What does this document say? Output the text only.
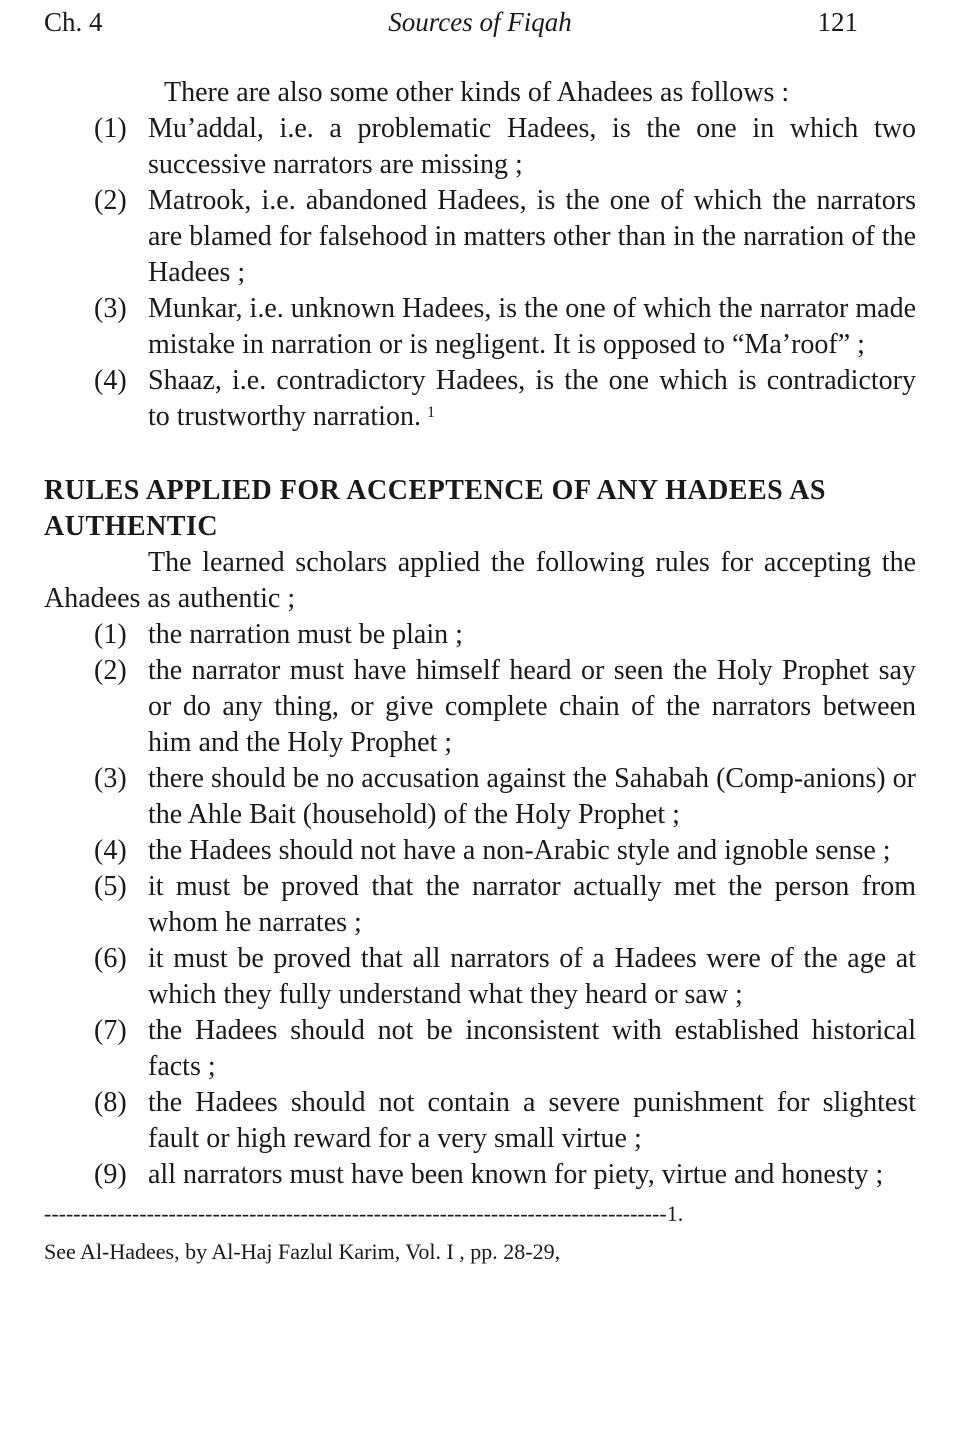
Ch. 4	Sources of Fiqah	121

There are also some other kinds of Ahadees as follows :

(1) Mu’addal, i.e. a problematic Hadees, is the one in which two successive narrators are missing ;
(2) Matrook, i.e. abandoned Hadees, is the one of which the narrators are blamed for falsehood in matters other than in the narration of the Hadees ;
(3) Munkar, i.e. unknown Hadees, is the one of which the narrator made mistake in narration or is negligent. It is opposed to “Ma’roof” ;
(4) Shaaz, i.e. contradictory Hadees, is the one which is contradictory to trustworthy narration. $^1$
RULES APPLIED FOR ACCEPTENCE OF ANY HADEES AS AUTHENTIC

The learned scholars applied the following rules for accepting the Ahadees as authentic ;

(1) the narration must be plain ;
(2) the narrator must have himself heard or seen the Holy Prophet say or do any thing, or give complete chain of the narrators between him and the Holy Prophet ;
(3) there should be no accusation against the Sahabah (Comp-anions) or the Ahle Bait (household) of the Holy Prophet ;
(4) the Hadees should not have a non-Arabic style and ignoble sense ;
(5) it must be proved that the narrator actually met the person from whom he narrates ;
(6) it must be proved that all narrators of a Hadees were of the age at which they fully understand what they heard or saw ;
(7) the Hadees should not be inconsistent with established historical facts ;
(8) the Hadees should not contain a severe punishment for slightest fault or high reward for a very small virtue ;
(9) all narrators must have been known for piety, virtue and honesty ;
-------------------------------------------------------------------------------------1.
See Al-Hadees, by Al-Haj Fazlul Karim, Vol. I , pp. 28-29,
